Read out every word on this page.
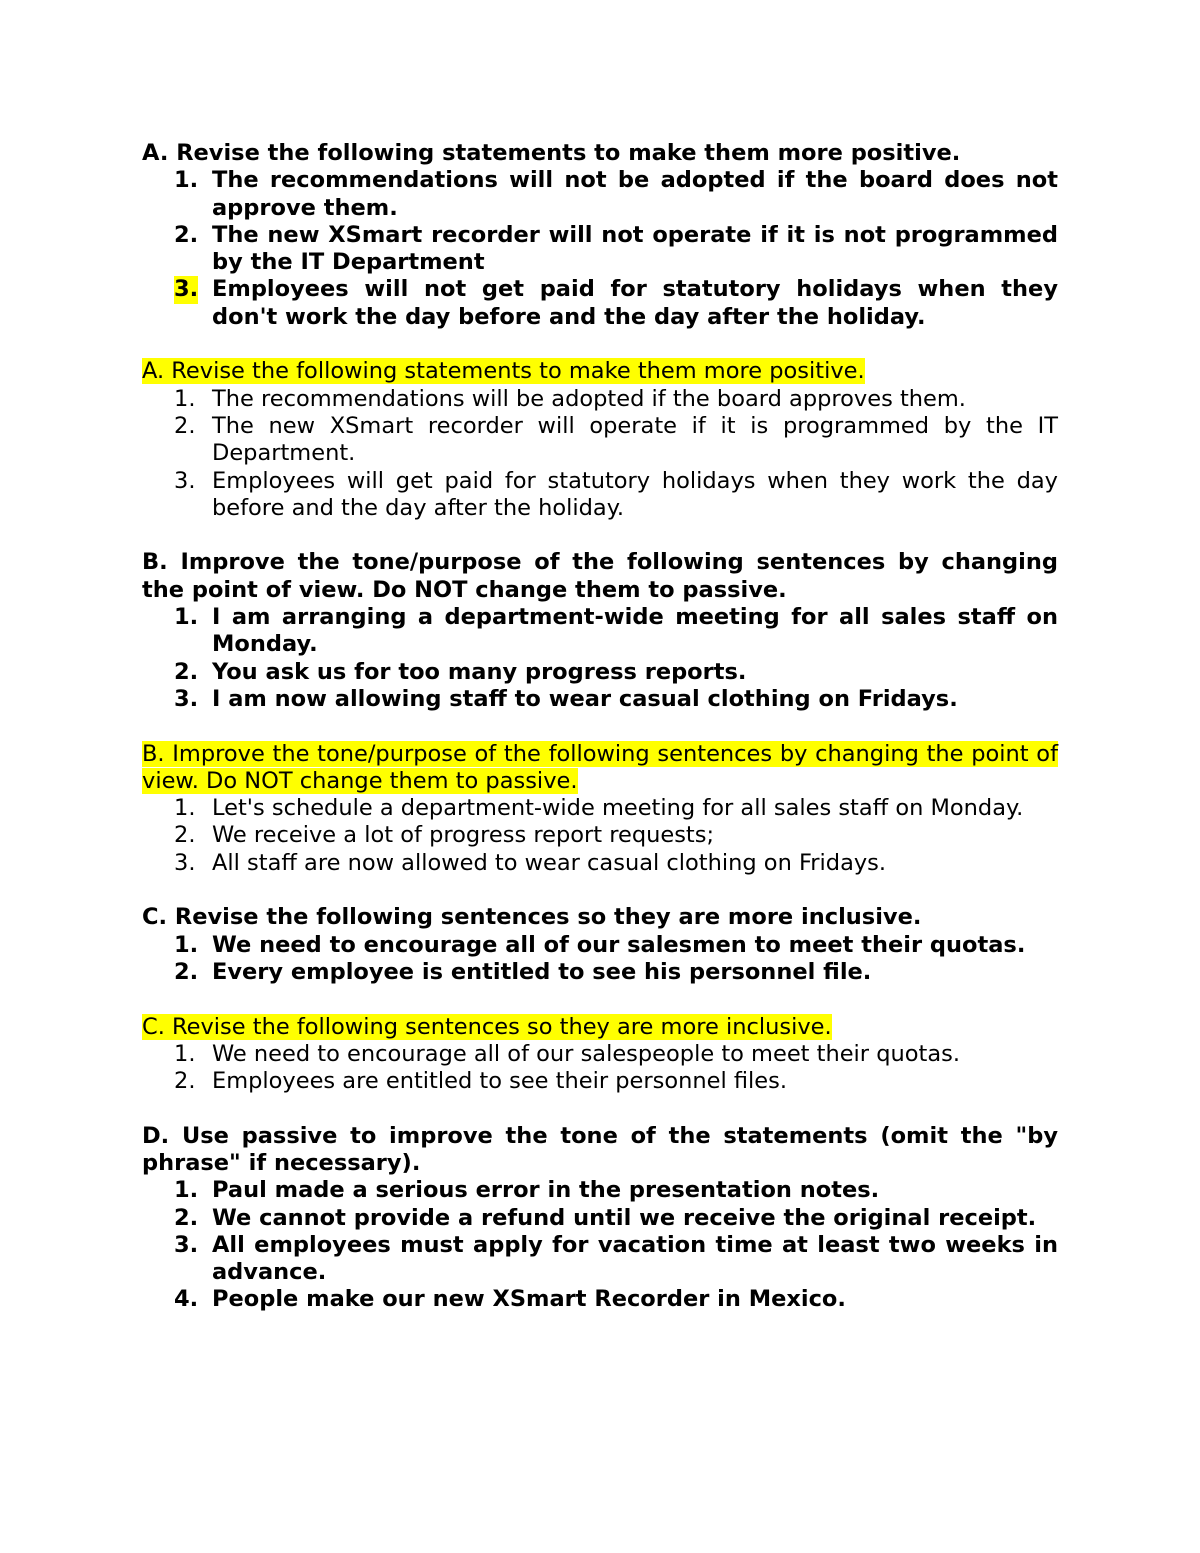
A. Revise the following statements to make them more positive.
1. The recommendations will not be adopted if the board does not approve them.
2. The new XSmart recorder will not operate if it is not programmed by the IT Department
3. Employees will not get paid for statutory holidays when they don't work the day before and the day after the holiday.
A. Revise the following statements to make them more positive.
1. The recommendations will be adopted if the board approves them.
2. The new XSmart recorder will operate if it is programmed by the IT Department.
3. Employees will get paid for statutory holidays when they work the day before and the day after the holiday.
B. Improve the tone/purpose of the following sentences by changing the point of view. Do NOT change them to passive.
1. I am arranging a department-wide meeting for all sales staff on Monday.
2. You ask us for too many progress reports.
3. I am now allowing staff to wear casual clothing on Fridays.
B. Improve the tone/purpose of the following sentences by changing the point of view. Do NOT change them to passive.
1. Let's schedule a department-wide meeting for all sales staff on Monday.
2. We receive a lot of progress report requests;
3. All staff are now allowed to wear casual clothing on Fridays.
C. Revise the following sentences so they are more inclusive.
1. We need to encourage all of our salesmen to meet their quotas.
2. Every employee is entitled to see his personnel file.
C. Revise the following sentences so they are more inclusive.
1. We need to encourage all of our salespeople to meet their quotas.
2. Employees are entitled to see their personnel files.
D. Use passive to improve the tone of the statements (omit the "by phrase" if necessary).
1. Paul made a serious error in the presentation notes.
2. We cannot provide a refund until we receive the original receipt.
3. All employees must apply for vacation time at least two weeks in advance.
4. People make our new XSmart Recorder in Mexico.
